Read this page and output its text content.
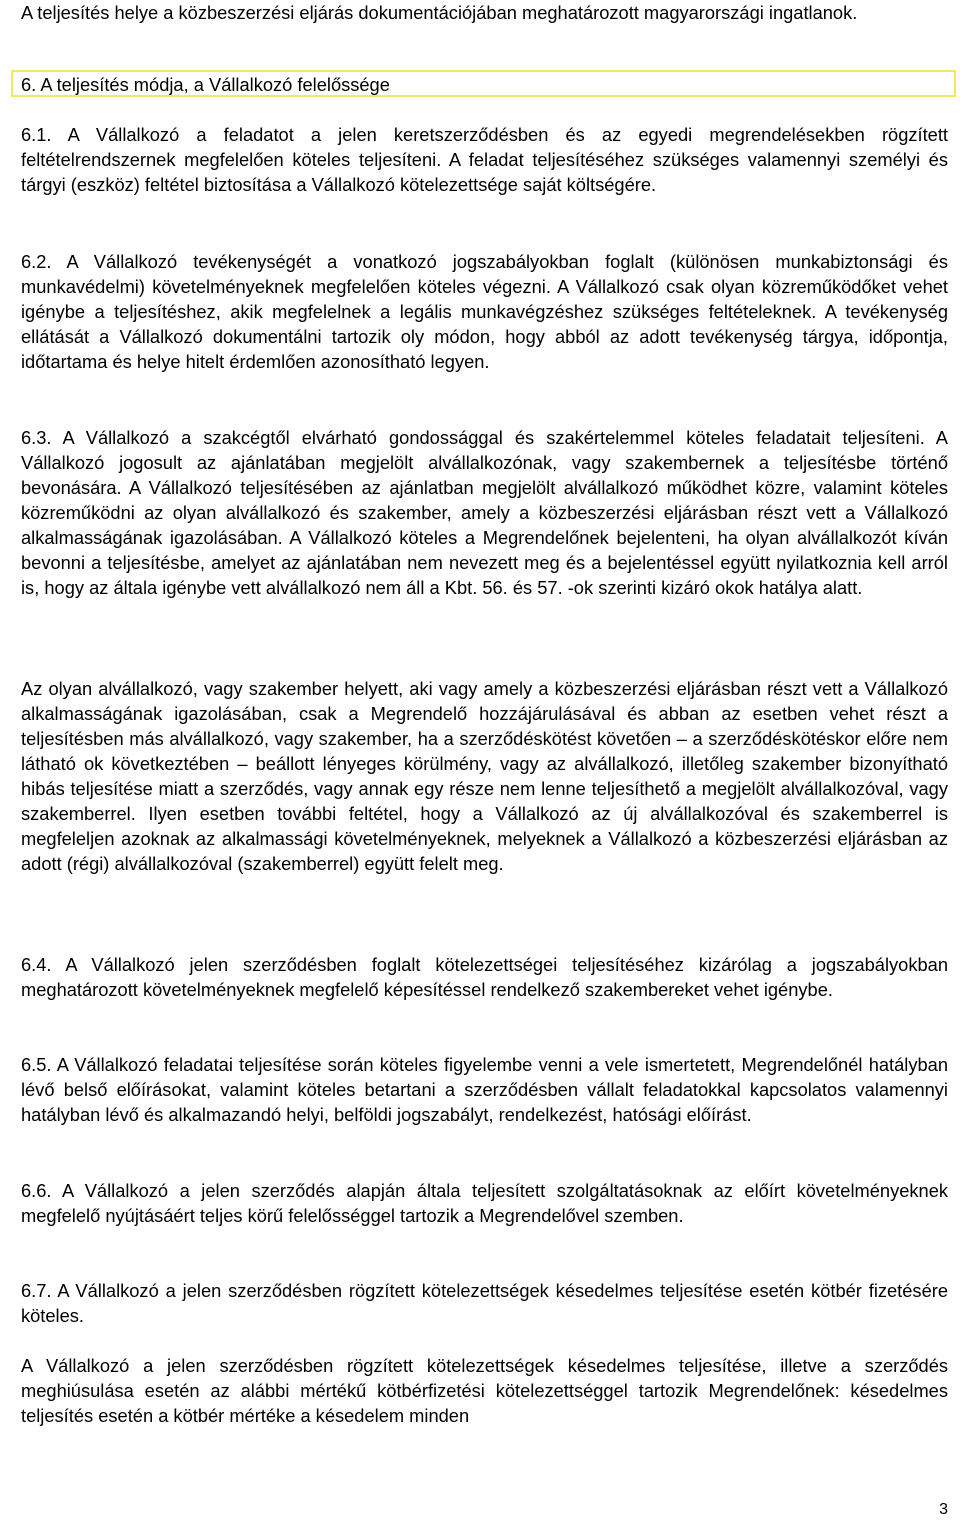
A teljesítés helye a közbeszerzési eljárás dokumentációjában meghatározott magyarországi ingatlanok.

6. A teljesítés módja, a Vállalkozó felelőssége

6.1. A Vállalkozó a feladatot a jelen keretszerződésben és az egyedi megrendelésekben rögzített feltételrendszernek megfelelően köteles teljesíteni. A feladat teljesítéséhez szükséges valamennyi személyi és tárgyi (eszköz) feltétel biztosítása a Vállalkozó kötelezettsége saját költségére.

6.2. A Vállalkozó tevékenységét a vonatkozó jogszabályokban foglalt (különösen munkabiztonsági és munkavédelmi) követelményeknek megfelelően köteles végezni. A Vállalkozó csak olyan közreműködőket vehet igénybe a teljesítéshez, akik megfelelnek a legális munkavégzéshez szükséges feltételeknek. A tevékenység ellátását a Vállalkozó dokumentálni tartozik oly módon, hogy abból az adott tevékenység tárgya, időpontja, időtartama és helye hitelt érdemlően azonosítható legyen.

6.3. A Vállalkozó a szakcégtől elvárható gondossággal és szakértelemmel köteles feladatait teljesíteni. A Vállalkozó jogosult az ajánlatában megjelölt alvállalkozónak, vagy szakembernek a teljesítésbe történő bevonására. A Vállalkozó teljesítésében az ajánlatban megjelölt alvállalkozó működhet közre, valamint köteles közreműködni az olyan alvállalkozó és szakember, amely a közbeszerzési eljárásban részt vett a Vállalkozó alkalmasságának igazolásában. A Vállalkozó köteles a Megrendelőnek bejelenteni, ha olyan alvállalkozót kíván bevonni a teljesítésbe, amelyet az ajánlatában nem nevezett meg és a bejelentéssel együtt nyilatkoznia kell arról is, hogy az általa igénybe vett alvállalkozó nem áll a Kbt. 56. és 57. -ok szerinti kizáró okok hatálya alatt.

Az olyan alvállalkozó, vagy szakember helyett, aki vagy amely a közbeszerzési eljárásban részt vett a Vállalkozó alkalmasságának igazolásában, csak a Megrendelő hozzájárulásával és abban az esetben vehet részt a teljesítésben más alvállalkozó, vagy szakember, ha a szerződéskötést követően – a szerződéskötéskor előre nem látható ok következtében – beállott lényeges körülmény, vagy az alvállalkozó, illetőleg szakember bizonyítható hibás teljesítése miatt a szerződés, vagy annak egy része nem lenne teljesíthető a megjelölt alvállalkozóval, vagy szakemberrel. Ilyen esetben további feltétel, hogy a Vállalkozó az új alvállalkozóval és szakemberrel is megfeleljen azoknak az alkalmassági követelményeknek, melyeknek a Vállalkozó a közbeszerzési eljárásban az adott (régi) alvállalkozóval (szakemberrel) együtt felelt meg.

6.4. A Vállalkozó jelen szerződésben foglalt kötelezettségei teljesítéséhez kizárólag a jogszabályokban meghatározott követelményeknek megfelelő képesítéssel rendelkező szakembereket vehet igénybe.

6.5. A Vállalkozó feladatai teljesítése során köteles figyelembe venni a vele ismertetett, Megrendelőnél hatályban lévő belső előírásokat, valamint köteles betartani a szerződésben vállalt feladatokkal kapcsolatos valamennyi hatályban lévő és alkalmazandó helyi, belföldi jogszabályt, rendelkezést, hatósági előírást.

6.6. A Vállalkozó a jelen szerződés alapján általa teljesített szolgáltatásoknak az előírt követelményeknek megfelelő nyújtásáért teljes körű felelősséggel tartozik a Megrendelővel szemben.

6.7. A Vállalkozó a jelen szerződésben rögzített kötelezettségek késedelmes teljesítése esetén kötbér fizetésére köteles.

A Vállalkozó a jelen szerződésben rögzített kötelezettségek késedelmes teljesítése, illetve a szerződés meghiúsulása esetén az alábbi mértékű kötbérfizetési kötelezettséggel tartozik Megrendelőnek: késedelmes teljesítés esetén a kötbér mértéke a késedelem minden

3
